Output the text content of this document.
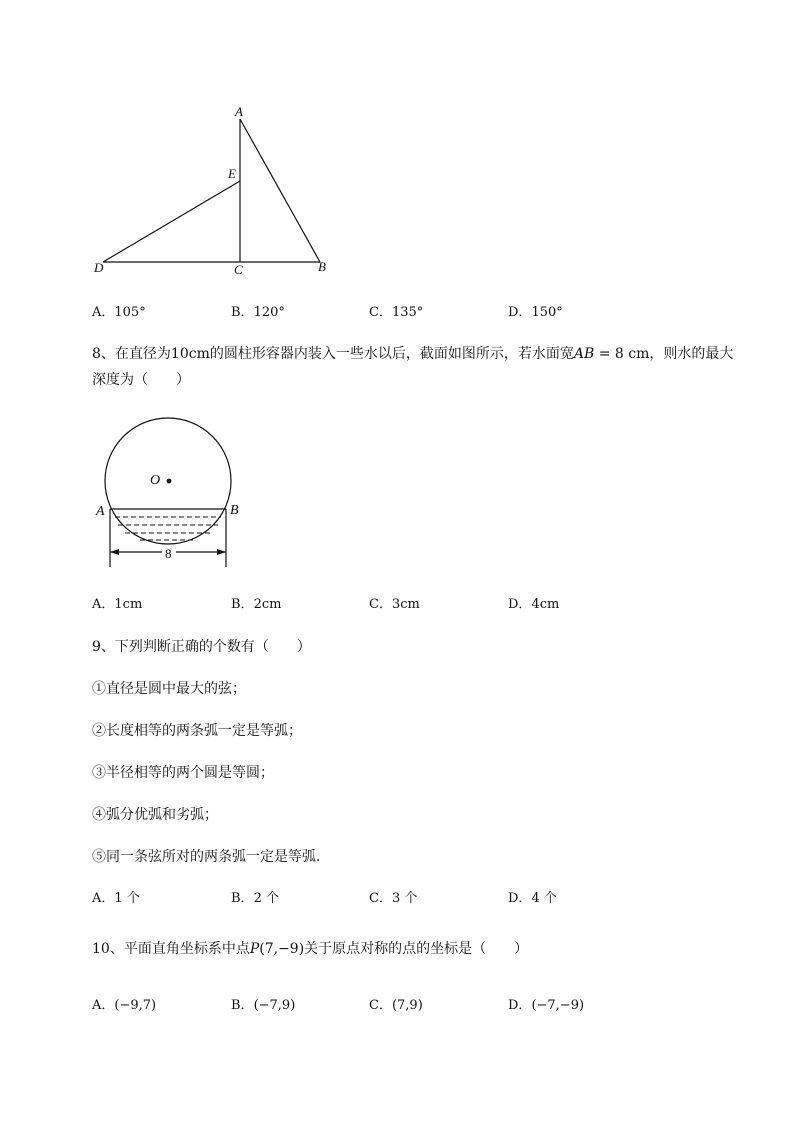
A
E
D	C	B
A．105°	B．120°	C．135°	D．150°
8、在直径为10cm的圆柱形容器内装入一些水以后，截面如图所示，若水面宽AB = 8 cm，则水的最大
深度为（　　）
O
A	B
8
A．1cm	B．2cm	C．3cm	D．4cm
9、下列判断正确的个数有（　　）
①直径是圆中最大的弦；
②长度相等的两条弧一定是等弧；
③半径相等的两个圆是等圆；
④弧分优弧和劣弧；
⑤同一条弦所对的两条弧一定是等弧．
A．1 个	B．2 个	C．3 个	D．4 个
10、平面直角坐标系中点P(7,−9)关于原点对称的点的坐标是（　　）
A．(−9,7)	B．(−7,9)	C．(7,9)	D．(−7,−9)
